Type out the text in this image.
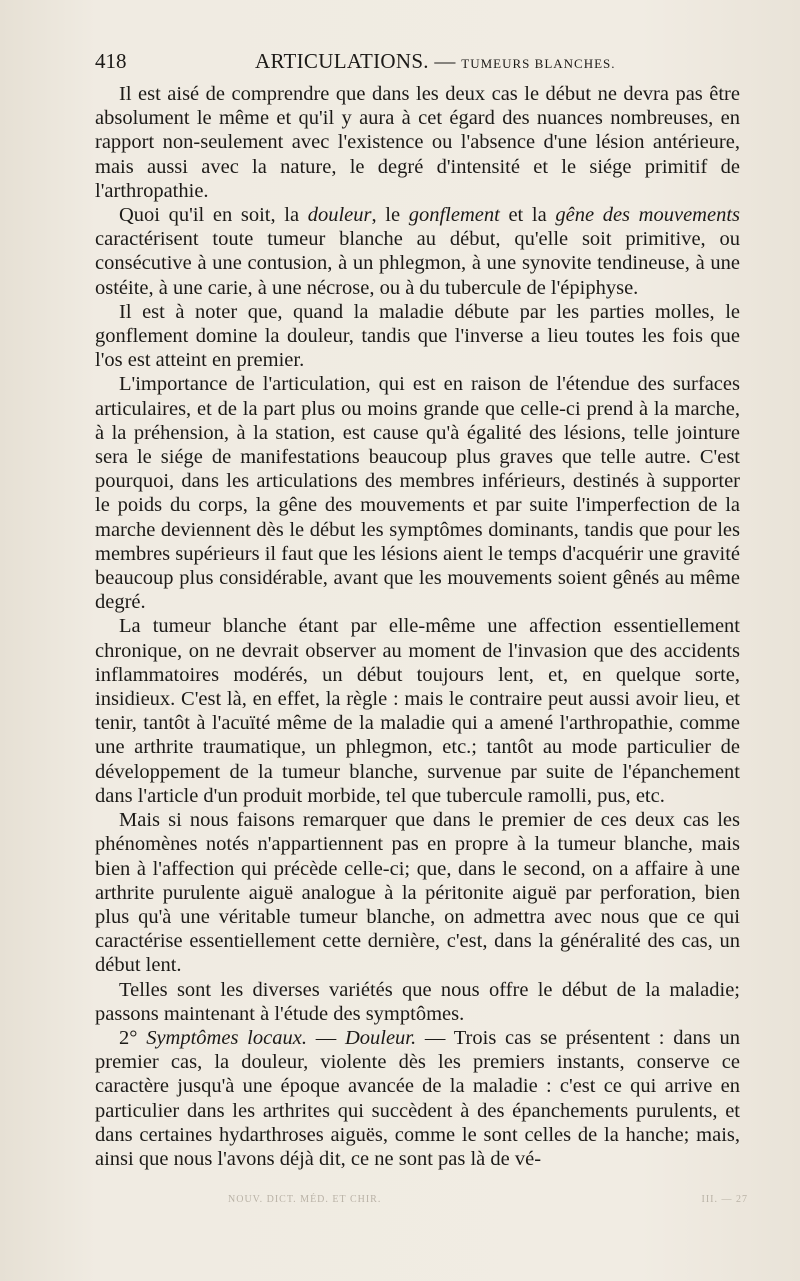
418	ARTICULATIONS. — TUMEURS BLANCHES.

Il est aisé de comprendre que dans les deux cas le début ne devra pas être absolument le même et qu'il y aura à cet égard des nuances nombreuses, en rapport non-seulement avec l'existence ou l'absence d'une lésion antérieure, mais aussi avec la nature, le degré d'intensité et le siége primitif de l'arthropathie.

Quoi qu'il en soit, la douleur, le gonflement et la gêne des mouvements caractérisent toute tumeur blanche au début, qu'elle soit primitive, ou consécutive à une contusion, à un phlegmon, à une synovite tendineuse, à une ostéite, à une carie, à une nécrose, ou à du tubercule de l'épiphyse.

Il est à noter que, quand la maladie débute par les parties molles, le gonflement domine la douleur, tandis que l'inverse a lieu toutes les fois que l'os est atteint en premier.

L'importance de l'articulation, qui est en raison de l'étendue des surfaces articulaires, et de la part plus ou moins grande que celle-ci prend à la marche, à la préhension, à la station, est cause qu'à égalité des lésions, telle jointure sera le siége de manifestations beaucoup plus graves que telle autre. C'est pourquoi, dans les articulations des membres inférieurs, destinés à supporter le poids du corps, la gêne des mouvements et par suite l'imperfection de la marche deviennent dès le début les symptômes dominants, tandis que pour les membres supérieurs il faut que les lésions aient le temps d'acquérir une gravité beaucoup plus considérable, avant que les mouvements soient gênés au même degré.

La tumeur blanche étant par elle-même une affection essentiellement chronique, on ne devrait observer au moment de l'invasion que des accidents inflammatoires modérés, un début toujours lent, et, en quelque sorte, insidieux. C'est là, en effet, la règle : mais le contraire peut aussi avoir lieu, et tenir, tantôt à l'acuïté même de la maladie qui a amené l'arthropathie, comme une arthrite traumatique, un phlegmon, etc.; tantôt au mode particulier de développement de la tumeur blanche, survenue par suite de l'épanchement dans l'article d'un produit morbide, tel que tubercule ramolli, pus, etc.

Mais si nous faisons remarquer que dans le premier de ces deux cas les phénomènes notés n'appartiennent pas en propre à la tumeur blanche, mais bien à l'affection qui précède celle-ci; que, dans le second, on a affaire à une arthrite purulente aiguë analogue à la péritonite aiguë par perforation, bien plus qu'à une véritable tumeur blanche, on admettra avec nous que ce qui caractérise essentiellement cette dernière, c'est, dans la généralité des cas, un début lent.

Telles sont les diverses variétés que nous offre le début de la maladie; passons maintenant à l'étude des symptômes.

2° Symptômes locaux. — Douleur. — Trois cas se présentent : dans un premier cas, la douleur, violente dès les premiers instants, conserve ce caractère jusqu'à une époque avancée de la maladie : c'est ce qui arrive en particulier dans les arthrites qui succèdent à des épanchements purulents, et dans certaines hydarthroses aiguës, comme le sont celles de la hanche; mais, ainsi que nous l'avons déjà dit, ce ne sont pas là de vé-

NOUV. DICT. MÉD. ET CHIR.	III. — 27
